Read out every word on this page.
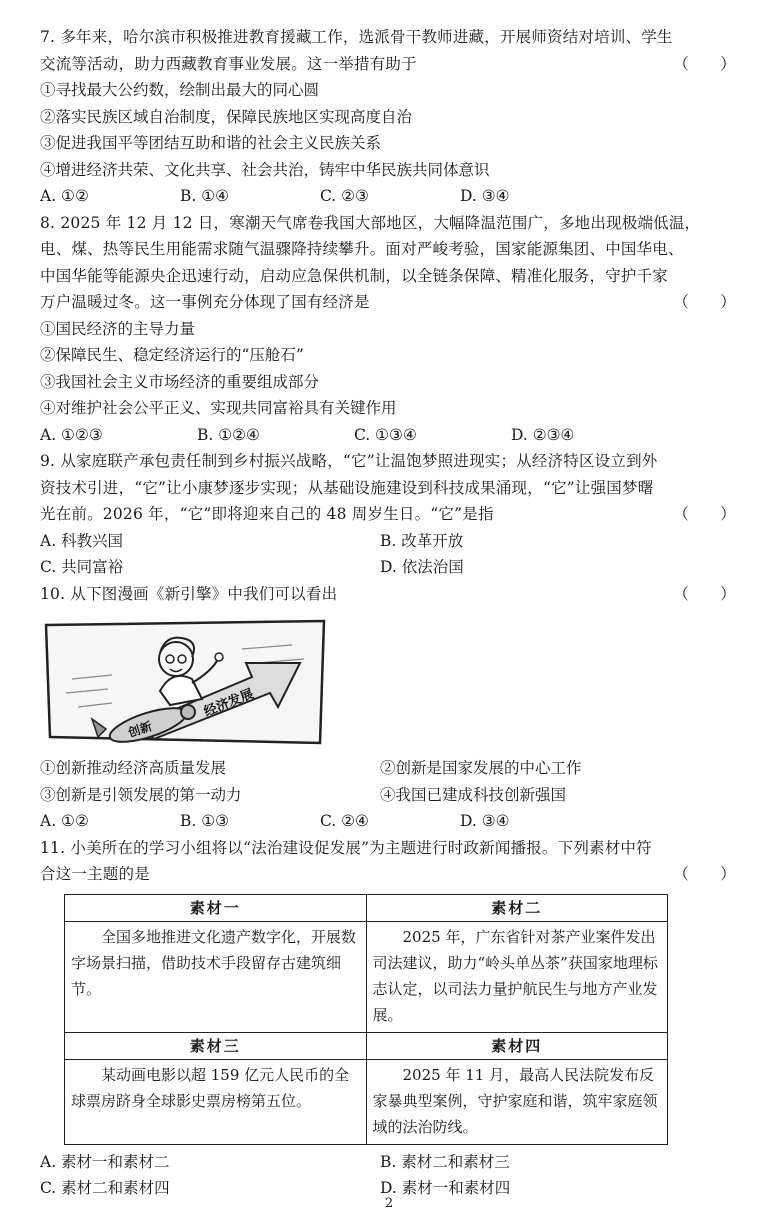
7. 多年来，哈尔滨市积极推进教育援藏工作，选派骨干教师进藏，开展师资结对培训、学生
交流等活动，助力西藏教育事业发展。这一举措有助于	（　　）
①寻找最大公约数，绘制出最大的同心圆
②落实民族区域自治制度，保障民族地区实现高度自治
③促进我国平等团结互助和谐的社会主义民族关系
④增进经济共荣、文化共享、社会共治，铸牢中华民族共同体意识
A. ①②	B. ①④	C. ②③	D. ③④
8. 2025 年 12 月 12 日，寒潮天气席卷我国大部地区，大幅降温范围广，多地出现极端低温，
电、煤、热等民生用能需求随气温骤降持续攀升。面对严峻考验，国家能源集团、中国华电、
中国华能等能源央企迅速行动，启动应急保供机制，以全链条保障、精准化服务，守护千家
万户温暖过冬。这一事例充分体现了国有经济是	（　　）
①国民经济的主导力量
②保障民生、稳定经济运行的“压舱石”
③我国社会主义市场经济的重要组成部分
④对维护社会公平正义、实现共同富裕具有关键作用
A. ①②③	B. ①②④	C. ①③④	D. ②③④
9. 从家庭联产承包责任制到乡村振兴战略，“它”让温饱梦照进现实；从经济特区设立到外
资技术引进，“它”让小康梦逐步实现；从基础设施建设到科技成果涌现，“它”让强国梦曙
光在前。2026 年，“它”即将迎来自己的 48 周岁生日。“它”是指	（　　）
A. 科教兴国	B. 改革开放
C. 共同富裕	D. 依法治国
10. 从下图漫画《新引擎》中我们可以看出	（　　）
经济发展
创新
①创新推动经济高质量发展	②创新是国家发展的中心工作
③创新是引领发展的第一动力	④我国已建成科技创新强国
A. ①②	B. ①③	C. ②④	D. ③④
11. 小美所在的学习小组将以“法治建设促发展”为主题进行时政新闻播报。下列素材中符
合这一主题的是	（　　）
素材一	素材二
全国多地推进文化遗产数字化，开展数字场景扫描，借助技术手段留存古建筑细节。	2025 年，广东省针对茶产业案件发出司法建议，助力“岭头单丛茶”获国家地理标志认定，以司法力量护航民生与地方产业发展。
素材三	素材四
某动画电影以超 159 亿元人民币的全球票房跻身全球影史票房榜第五位。	2025 年 11 月，最高人民法院发布反家暴典型案例，守护家庭和谐，筑牢家庭领域的法治防线。
A. 素材一和素材二	B. 素材二和素材三
C. 素材二和素材四	D. 素材一和素材四
2
